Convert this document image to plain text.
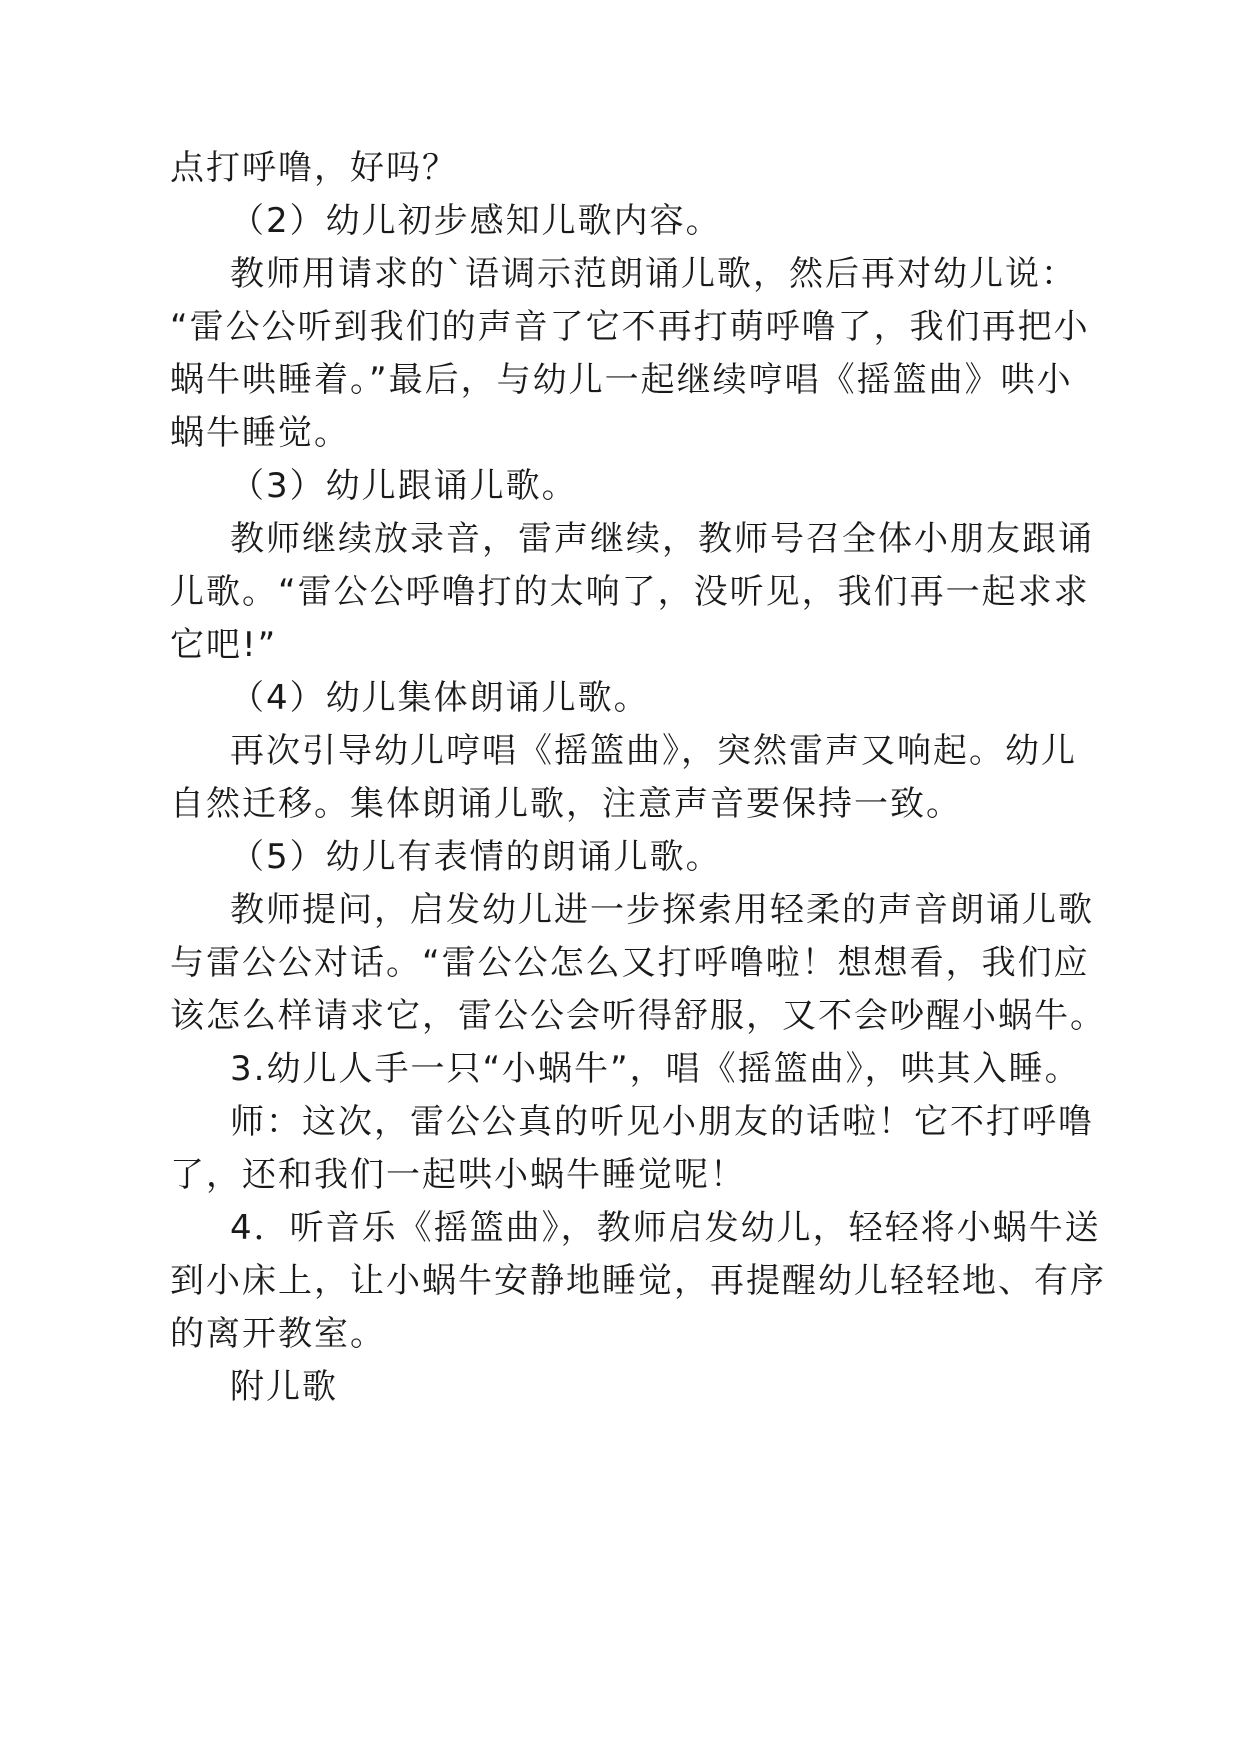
点打呼噜，好吗？
（2）幼儿初步感知儿歌内容。
教师用请求的`语调示范朗诵儿歌，然后再对幼儿说：
“雷公公听到我们的声音了它不再打萌呼噜了，我们再把小
蜗牛哄睡着。”最后，与幼儿一起继续哼唱《摇篮曲》哄小
蜗牛睡觉。
（3）幼儿跟诵儿歌。
教师继续放录音，雷声继续，教师号召全体小朋友跟诵
儿歌。“雷公公呼噜打的太响了，没听见，我们再一起求求
它吧!”
（4）幼儿集体朗诵儿歌。
再次引导幼儿哼唱《摇篮曲》，突然雷声又响起。幼儿
自然迁移。集体朗诵儿歌，注意声音要保持一致。
（5）幼儿有表情的朗诵儿歌。
教师提问，启发幼儿进一步探索用轻柔的声音朗诵儿歌
与雷公公对话。“雷公公怎么又打呼噜啦！想想看，我们应
该怎么样请求它，雷公公会听得舒服，又不会吵醒小蜗牛。
3.幼儿人手一只“小蜗牛”，唱《摇篮曲》，哄其入睡。
师：这次，雷公公真的听见小朋友的话啦！它不打呼噜
了，还和我们一起哄小蜗牛睡觉呢！
4．听音乐《摇篮曲》，教师启发幼儿，轻轻将小蜗牛送
到小床上，让小蜗牛安静地睡觉，再提醒幼儿轻轻地、有序
的离开教室。
附儿歌
